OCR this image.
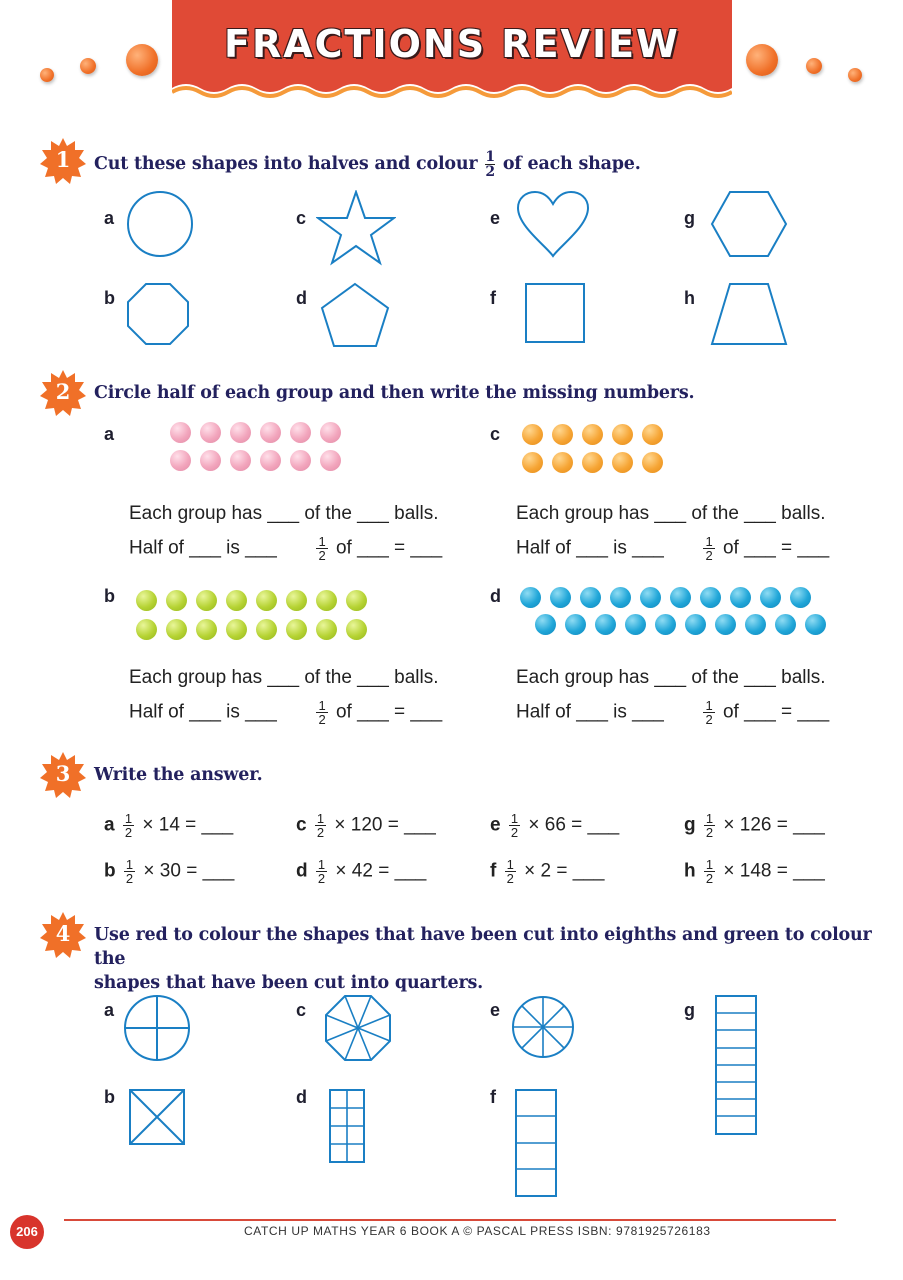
FRACTIONS REVIEW
1	Cut these shapes into halves and colour $\frac{1}{2}$ of each shape.
a
b
c
d
e
f
g
h
2	Circle half of each group and then write the missing numbers.
a	c
Each group has ___ of the ___ balls.
Half of ___ is ___	$\frac{1}{2}$ of ___ = ___
Each group has ___ of the ___ balls.
Half of ___ is ___	$\frac{1}{2}$ of ___ = ___
b	d
Each group has ___ of the ___ balls.
Half of ___ is ___	$\frac{1}{2}$ of ___ = ___
Each group has ___ of the ___ balls.
Half of ___ is ___	$\frac{1}{2}$ of ___ = ___
3	Write the answer.
a $\frac{1}{2} \times 14$ = ___
b $\frac{1}{2} \times 30$ = ___
c $\frac{1}{2} \times 120$ = ___
d $\frac{1}{2} \times 42$ = ___
e $\frac{1}{2} \times 66$ = ___
f $\frac{1}{2} \times 2$ = ___
g $\frac{1}{2} \times 126$ = ___
h $\frac{1}{2} \times 148$ = ___
4	Use red to colour the shapes that have been cut into eighths and green to colour the
shapes that have been cut into quarters.
a
b
c
d
e
f
g
206	CATCH UP MATHS YEAR 6 BOOK A © PASCAL PRESS ISBN: 9781925726183
